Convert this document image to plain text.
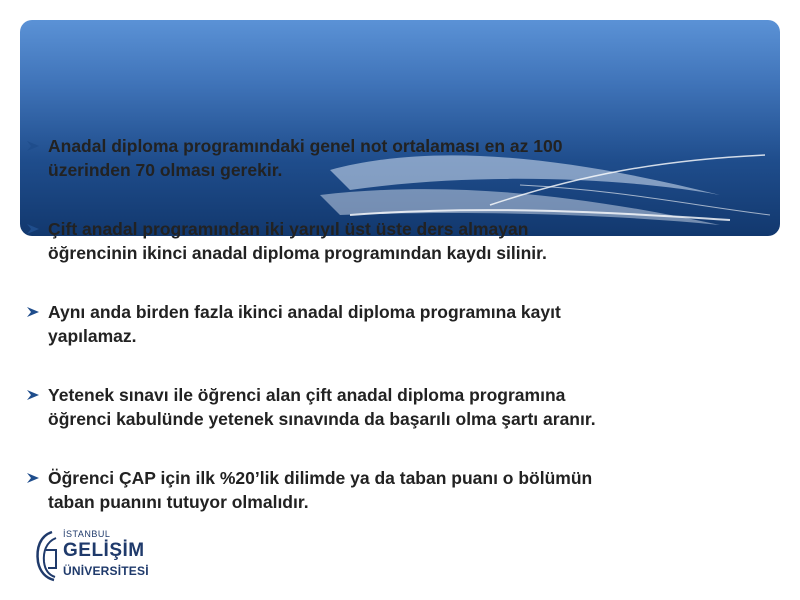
Anadal diploma programındaki genel not ortalaması en az 100
üzerinden 70 olması gerekir.
Çift anadal programından iki yarıyıl üst üste ders almayan
öğrencinin ikinci anadal diploma programından kaydı silinir.
Aynı anda birden fazla ikinci anadal diploma programına kayıt
yapılamaz.
Yetenek sınavı ile öğrenci alan çift anadal diploma programına
öğrenci kabulünde yetenek sınavında da başarılı olma şartı aranır.
Öğrenci ÇAP için ilk %20’lik dilimde ya da taban puanı o bölümün
taban puanını tutuyor olmalıdır.
İSTANBUL
GELİŞİM
ÜNİVERSİTESİ
